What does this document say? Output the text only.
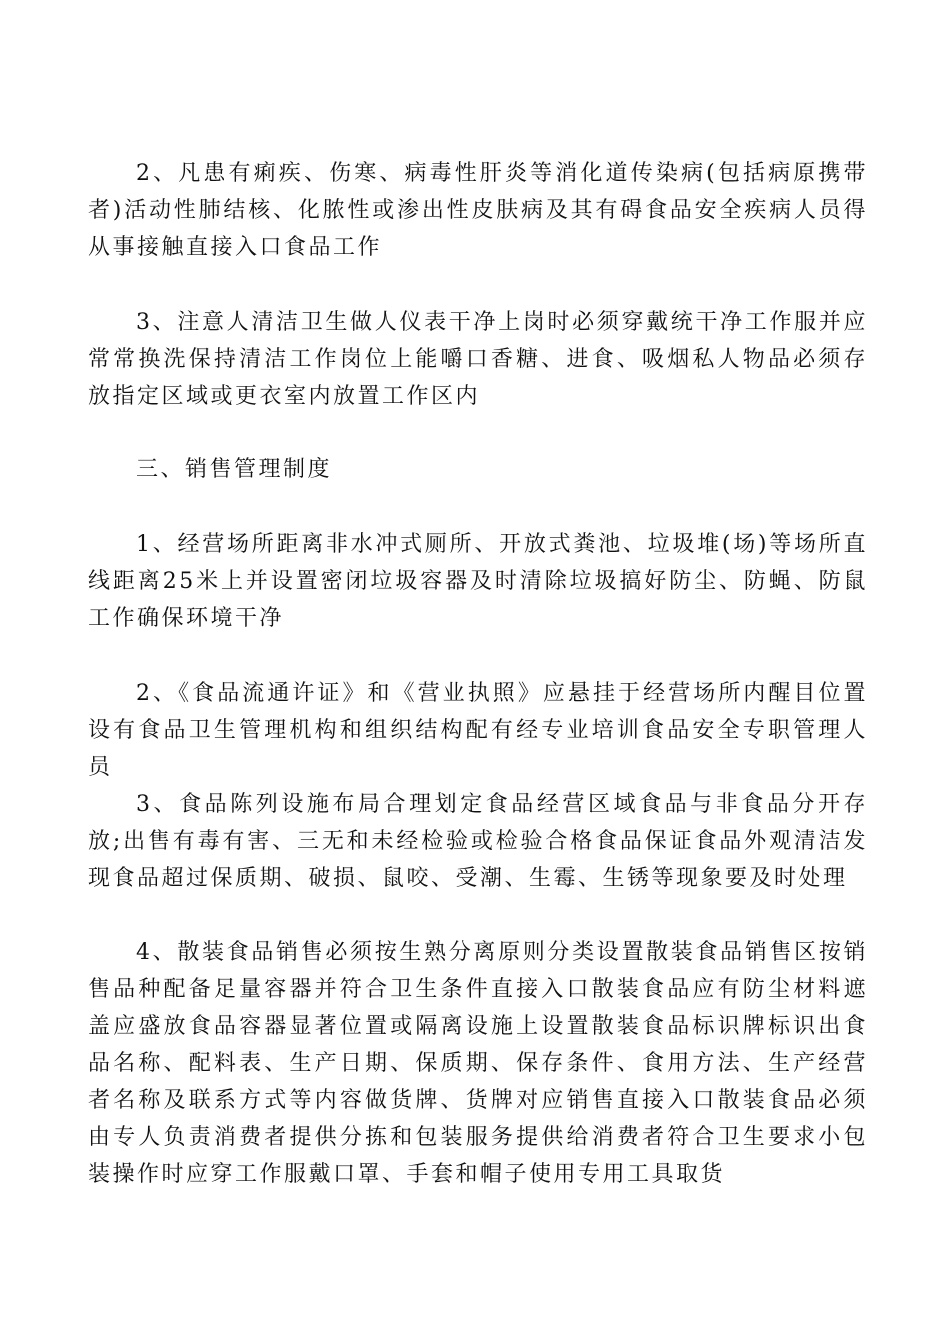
2、凡患有痢疾、伤寒、病毒性肝炎等消化道传染病(包括病原携带者)活动性肺结核、化脓性或渗出性皮肤病及其有碍食品安全疾病人员得从事接触直接入口食品工作

3、注意人清洁卫生做人仪表干净上岗时必须穿戴统干净工作服并应常常换洗保持清洁工作岗位上能嚼口香糖、进食、吸烟私人物品必须存放指定区域或更衣室内放置工作区内

三、销售管理制度

1、经营场所距离非水冲式厕所、开放式粪池、垃圾堆(场)等场所直线距离25米上并设置密闭垃圾容器及时清除垃圾搞好防尘、防蝇、防鼠工作确保环境干净

2、《食品流通许证》和《营业执照》应悬挂于经营场所内醒目位置设有食品卫生管理机构和组织结构配有经专业培训食品安全专职管理人员

3、食品陈列设施布局合理划定食品经营区域食品与非食品分开存放;出售有毒有害、三无和未经检验或检验合格食品保证食品外观清洁发现食品超过保质期、破损、鼠咬、受潮、生霉、生锈等现象要及时处理

4、散装食品销售必须按生熟分离原则分类设置散装食品销售区按销售品种配备足量容器并符合卫生条件直接入口散装食品应有防尘材料遮盖应盛放食品容器显著位置或隔离设施上设置散装食品标识牌标识出食品名称、配料表、生产日期、保质期、保存条件、食用方法、生产经营者名称及联系方式等内容做货牌、货牌对应销售直接入口散装食品必须由专人负责消费者提供分拣和包装服务提供给消费者符合卫生要求小包装操作时应穿工作服戴口罩、手套和帽子使用专用工具取货
